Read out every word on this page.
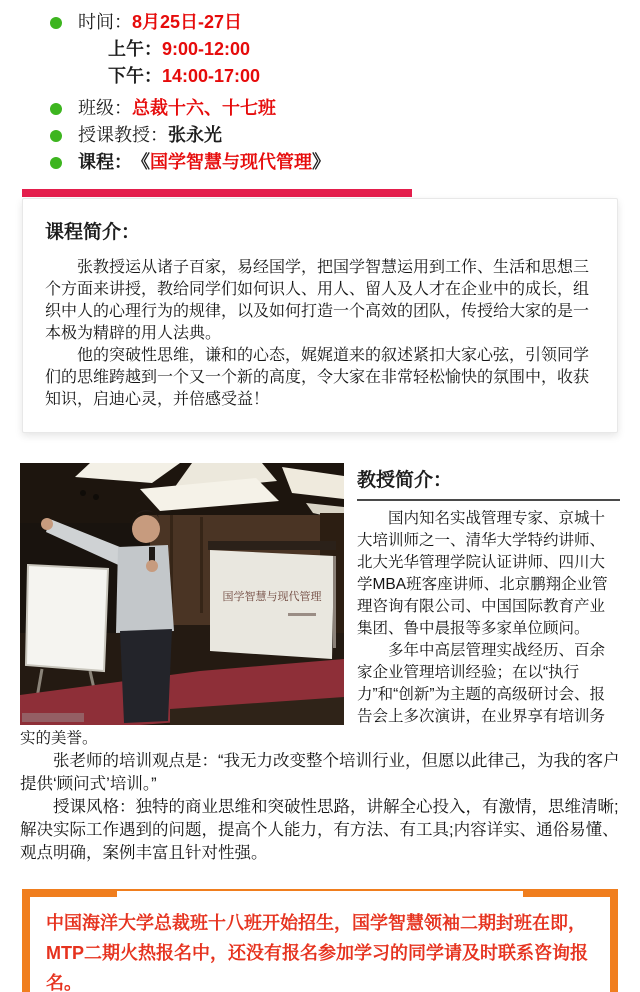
时间： 8月25日-27日
上午：9:00-12:00
下午：14:00-17:00
班级： 总裁十六、十七班
授课教授： 张永光
课程： 《 国学智慧与现代管理 》
课程简介：

张教授运从诸子百家，易经国学，把国学智慧运用到工作、生活和思想三个方面来讲授，教给同学们如何识人、用人、留人及人才在企业中的成长，组织中人的心理行为的规律，以及如何打造一个高效的团队，传授给大家的是一本极为精辟的用人法典。

他的突破性思维，谦和的心态，娓娓道来的叙述紧扣大家心弦，引领同学们的思维跨越到一个又一个新的高度，令大家在非常轻松愉快的氛围中，收获知识，启迪心灵，并倍感受益！

国学智慧与现代管理
教授简介：

国内知名实战管理专家、京城十大培训师之一、清华大学特约讲师、北大光华管理学院认证讲师、四川大学MBA班客座讲师、北京鹏翔企业管理咨询有限公司、中国国际教育产业集团、鲁中晨报等多家单位顾问。

多年中高层管理实战经历、百余家企业管理培训经验；在以“执行力”和“创新”为主题的高级研讨会、报告会上多次演讲，在业界享有培训务实的美誉。

张老师的培训观点是：“我无力改变整个培训行业，但愿以此律己，为我的客户提供‘顾问式’培训。”

授课风格：独特的商业思维和突破性思路，讲解全心投入，有激情，思维清晰;解决实际工作遇到的问题，提高个人能力，有方法、有工具;内容详实、通俗易懂、观点明确，案例丰富且针对性强。

中国海洋大学总裁班十八班开始招生，国学智慧领袖二期封班在即，MTP二期火热报名中，还没有报名参加学习的同学请及时联系咨询报名。
